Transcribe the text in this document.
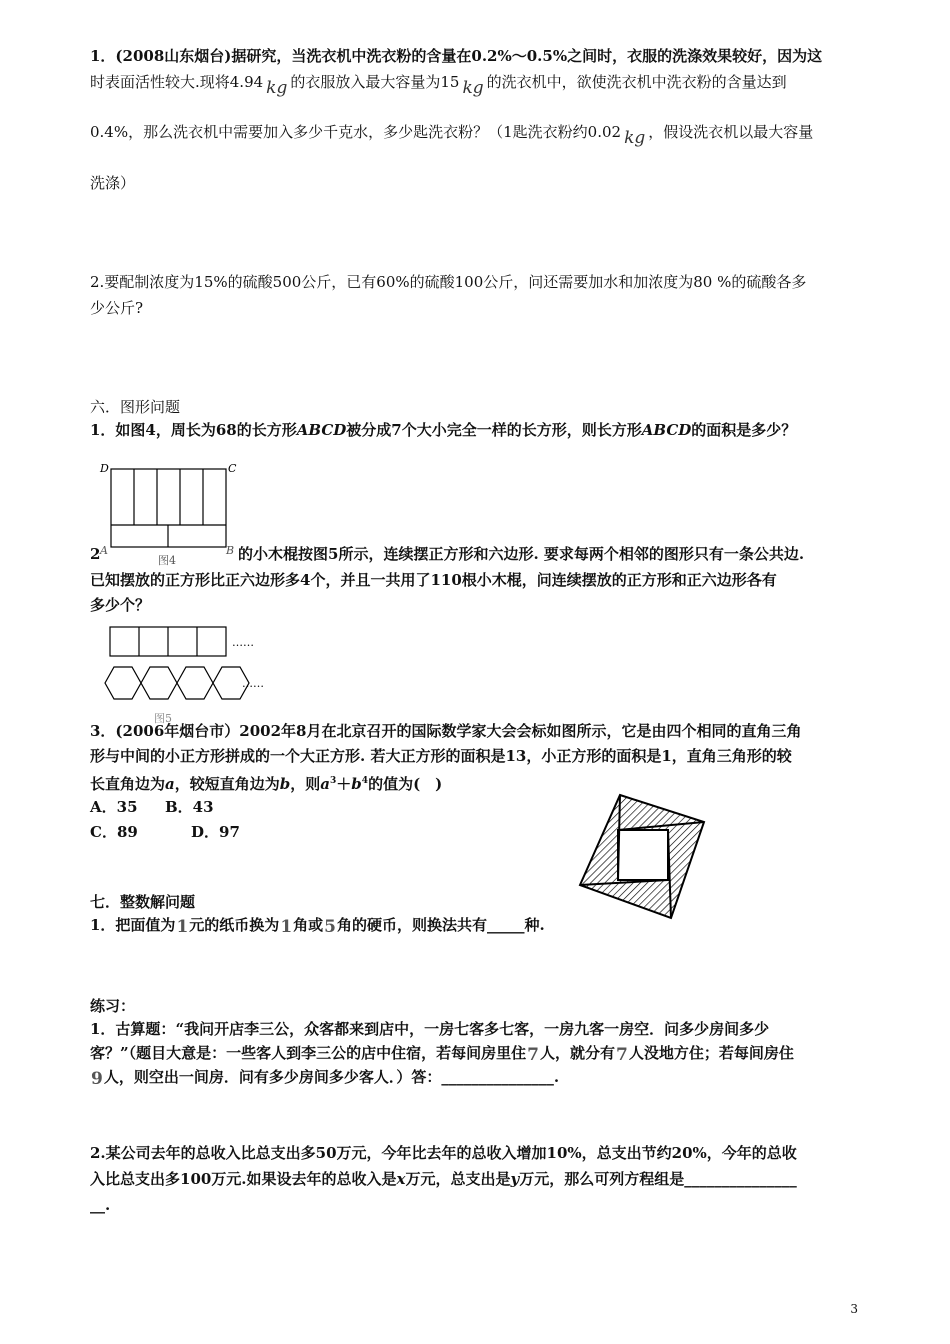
1．(2008山东烟台)据研究，当洗衣机中洗衣粉的含量在0.2%～0.5%之间时，衣服的洗涤效果较好，因为这
时表面活性较大.现将4.94 kg 的衣服放入最大容量为15 kg 的洗衣机中，欲使洗衣机中洗衣粉的含量达到
0.4%，那么洗衣机中需要加入多少千克水，多少匙洗衣粉？（1匙洗衣粉约0.02 kg ，假设洗衣机以最大容量
洗涤）
2.要配制浓度为15%的硫酸500公斤，已有60%的硫酸100公斤，问还需要加水和加浓度为80 %的硫酸各多
少公斤?
六．图形问题
1．如图4，周长为68的长方形ABCD被分成7个大小完全一样的长方形，则长方形ABCD的面积是多少？
D	C
A	B
图4
2	的小木棍按图5所示，连续摆正方形和六边形. 要求每两个相邻的图形只有一条公共边.
已知摆放的正方形比正六边形多4个，并且一共用了110根小木棍，问连续摆放的正方形和正六边形各有
多少个？
……
……
图5
3．(2006年烟台市）2002年8月在北京召开的国际数学家大会会标如图所示，它是由四个相同的直角三角
形与中间的小正方形拼成的一个大正方形. 若大正方形的面积是13，小正方形的面积是1，直角三角形的较
长直角边为a，较短直角边为b，则$a^3+b^4$的值为(　)
A．35 B．43
C．89	D．97
七．整数解问题
1．把面值为1元的纸币换为1角或5角的硬币，则换法共有_____种.
练习：
1．古算题：“我问开店李三公，众客都来到店中，一房七客多七客，一房九客一房空．问多少房间多少
客？”（题目大意是：一些客人到李三公的店中住宿，若每间房里住7人，就分有7人没地方住；若每间房住
9人，则空出一间房．问有多少房间多少客人．）答：_______________.
2.某公司去年的总收入比总支出多50万元，今年比去年的总收入增加10%，总支出节约20%，今年的总收
入比总支出多100万元.如果设去年的总收入是x万元，总支出是y万元，那么可列方程组是_______________
__.
3
